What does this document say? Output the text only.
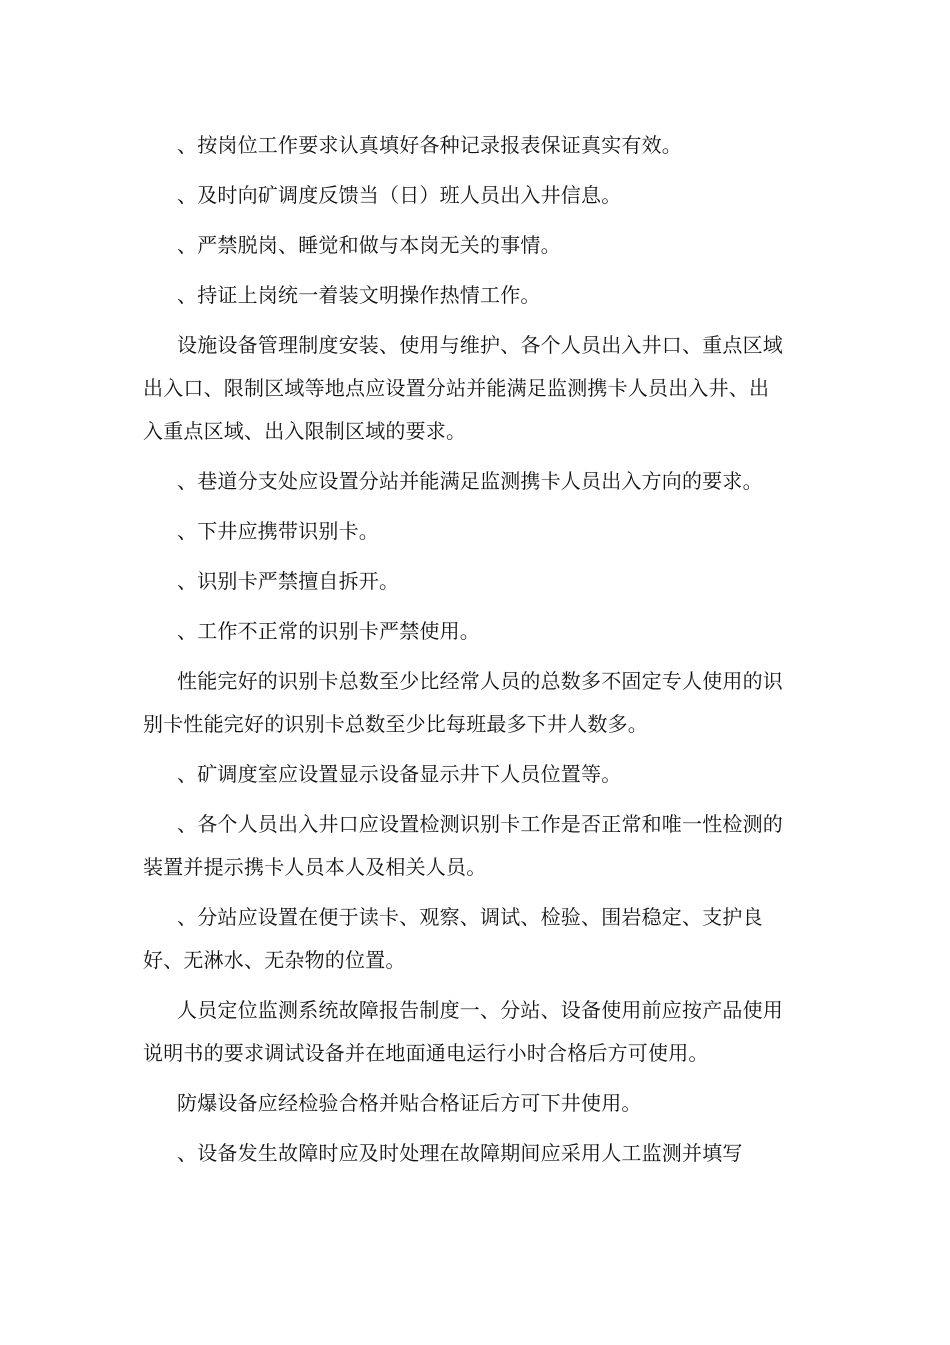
、按岗位工作要求认真填好各种记录报表保证真实有效。

、及时向矿调度反馈当（日）班人员出入井信息。

、严禁脱岗、睡觉和做与本岗无关的事情。

、持证上岗统一着装文明操作热情工作。

设施设备管理制度安装、使用与维护、各个人员出入井口、重点区域出入口、限制区域等地点应设置分站并能满足监测携卡人员出入井、出入重点区域、出入限制区域的要求。

、巷道分支处应设置分站并能满足监测携卡人员出入方向的要求。

、下井应携带识别卡。

、识别卡严禁擅自拆开。

、工作不正常的识别卡严禁使用。

性能完好的识别卡总数至少比经常人员的总数多不固定专人使用的识别卡性能完好的识别卡总数至少比每班最多下井人数多。

、矿调度室应设置显示设备显示井下人员位置等。

、各个人员出入井口应设置检测识别卡工作是否正常和唯一性检测的装置并提示携卡人员本人及相关人员。

、分站应设置在便于读卡、观察、调试、检验、围岩稳定、支护良好、无淋水、无杂物的位置。

人员定位监测系统故障报告制度一、分站、设备使用前应按产品使用说明书的要求调试设备并在地面通电运行小时合格后方可使用。

防爆设备应经检验合格并贴合格证后方可下井使用。

、设备发生故障时应及时处理在故障期间应采用人工监测并填写
